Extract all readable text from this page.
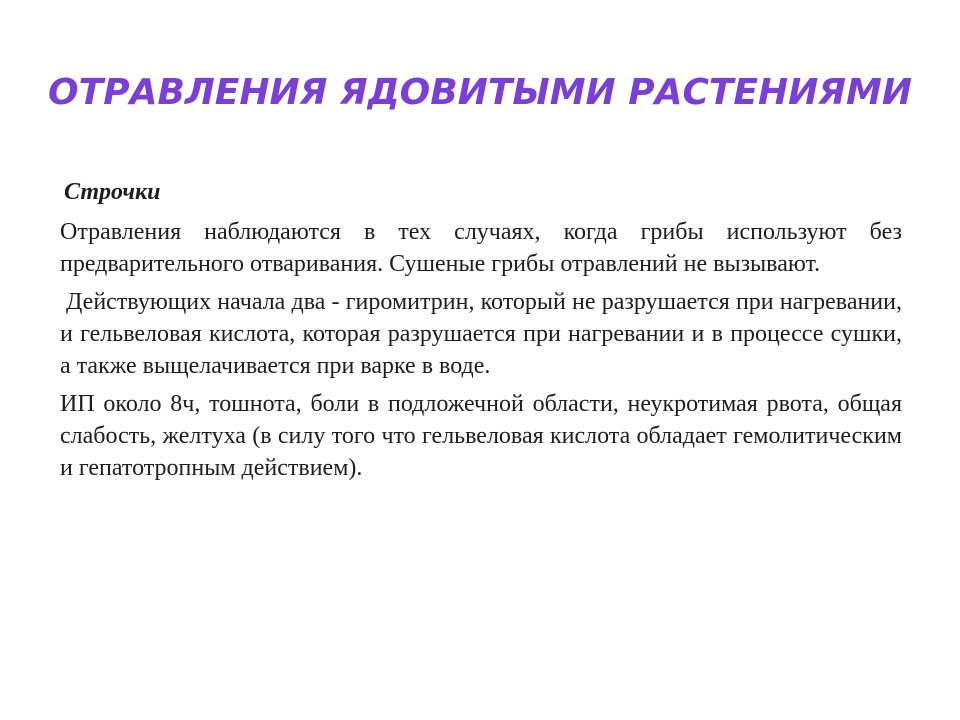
ОТРАВЛЕНИЯ ЯДОВИТЫМИ РАСТЕНИЯМИ
Строчки

Отравления наблюдаются в тех случаях, когда грибы используют без предварительного отваривания. Сушеные грибы отравлений не вызывают.

Действующих начала два - гиромитрин, который не разрушается при нагревании, и гельвеловая кислота, которая разрушается при нагревании и в процессе сушки, а также выщелачивается при варке в воде.

ИП около 8ч, тошнота, боли в подложечной области, неукротимая рвота, общая слабость, желтуха (в силу того что гельвеловая кислота обладает гемолитическим и гепатотропным действием).
